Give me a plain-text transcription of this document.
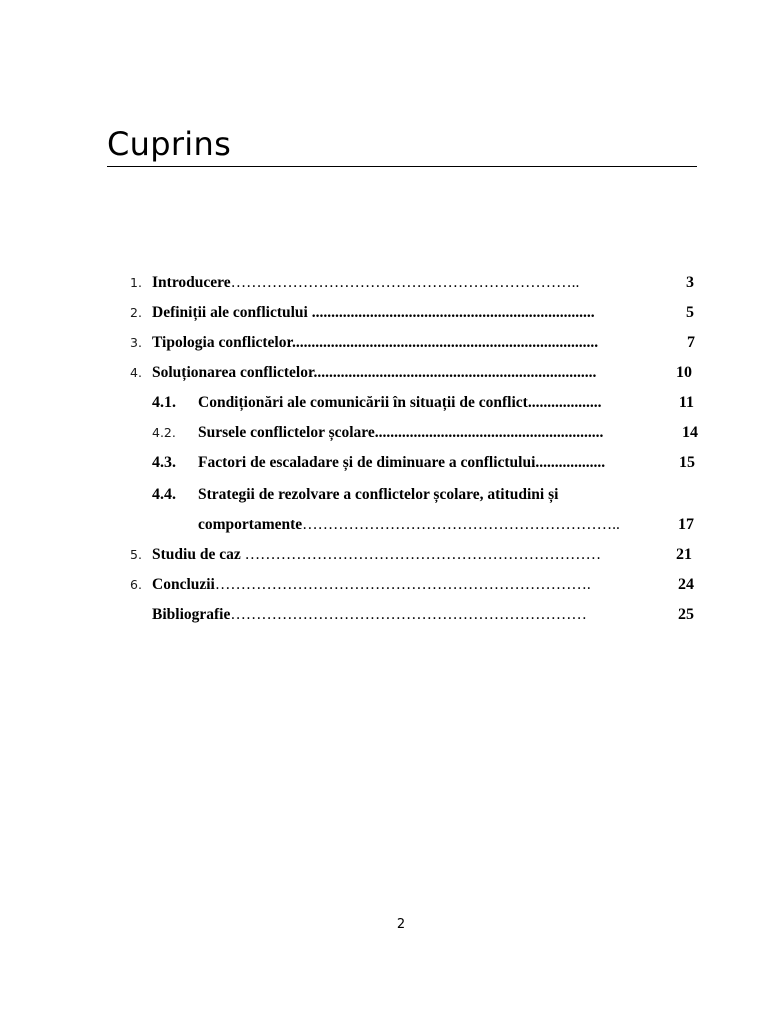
Cuprins
1. Introducere…………………………………………………………..	3
2. Definiții ale conflictului .........................................................................	5
3. Tipologia conflictelor...............................................................................	7
4. Soluționarea conflictelor.........................................................................	10
4.1. Condiționări ale comunicării în situații de conflict...................	11
4.2. Sursele conflictelor școlare...........................................................	14
4.3. Factori de escaladare și de diminuare a conflictului..................	15
4.4. Strategii de rezolvare a conflictelor școlare, atitudini și
comportamente……………………………………………………..	17
5. Studiu de caz ……………………………………………………………	21
6. Concluzii……………………………………………………………….	24
Bibliografie……………………………………………………………	25
2
